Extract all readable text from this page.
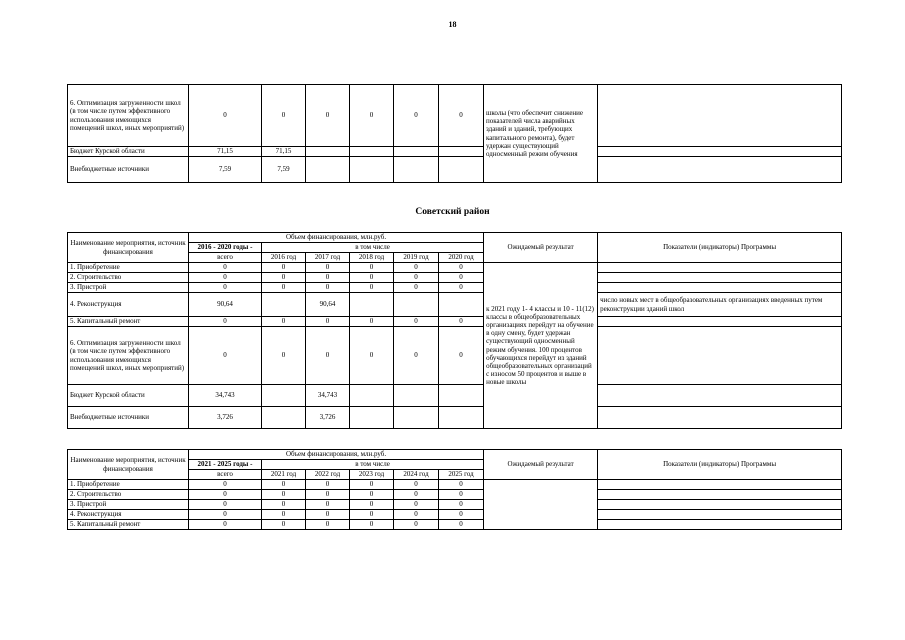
18
6. Оптимизация загруженности школ (в том числе путем эффективного использования имеющихся помещений школ, иных мероприятий)	0	0	0	0	0	0	школы (что обеспечит снижение показателей числа аварийных зданий и зданий, требующих капитального ремонта), будет удержан существующий односменный режим обучения	
Бюджет Курской области	71,15	71,15						
Внебюджетные источники	7,59	7,59						
Советский район
Наименование мероприятия, источник финансирования	Объем финансирования, млн.руб.						Ожидаемый результат	Показатели (индикаторы) Программы
	2016 - 2020 годы -	в том числе						
	всего	2016 год	2017 год	2018 год	2019 год	2020 год		
1. Приобретение	0	0	0	0	0	0	к 2021 году 1- 4 классы и 10 - 11(12) классы в общеобразовательных организациях перейдут на обучение в одну смену, будет удержан существующий односменный режим обучения. 100 процентов обучающихся перейдут из зданий общеобразовательных организаций с износом 50 процентов и выше в новые школы	
2. Строительство	0	0	0	0	0	0		
3. Пристрой	0	0	0	0	0	0		
4. Реконструкция	90,64		90,64					число новых мест в общеобразовательных организациях введенных путем реконструкции зданий школ
5. Капитальный ремонт	0	0	0	0	0	0		
6. Оптимизация загруженности школ (в том числе путем эффективного использования имеющихся помещений школ, иных мероприятий)	0	0	0	0	0	0		
Бюджет Курской области	34,743		34,743					
Внебюджетные источники	3,726		3,726					
Наименование мероприятия, источник финансирования	Объем финансирования, млн.руб.						Ожидаемый результат	Показатели (индикаторы) Программы
	2021 - 2025 годы -	в том числе						
	всего	2021 год	2022 год	2023 год	2024 год	2025 год		
1. Приобретение	0	0	0	0	0	0		
2. Строительство	0	0	0	0	0	0		
3. Пристрой	0	0	0	0	0	0		
4. Реконструкция	0	0	0	0	0	0		
5. Капитальный ремонт	0	0	0	0	0	0		
